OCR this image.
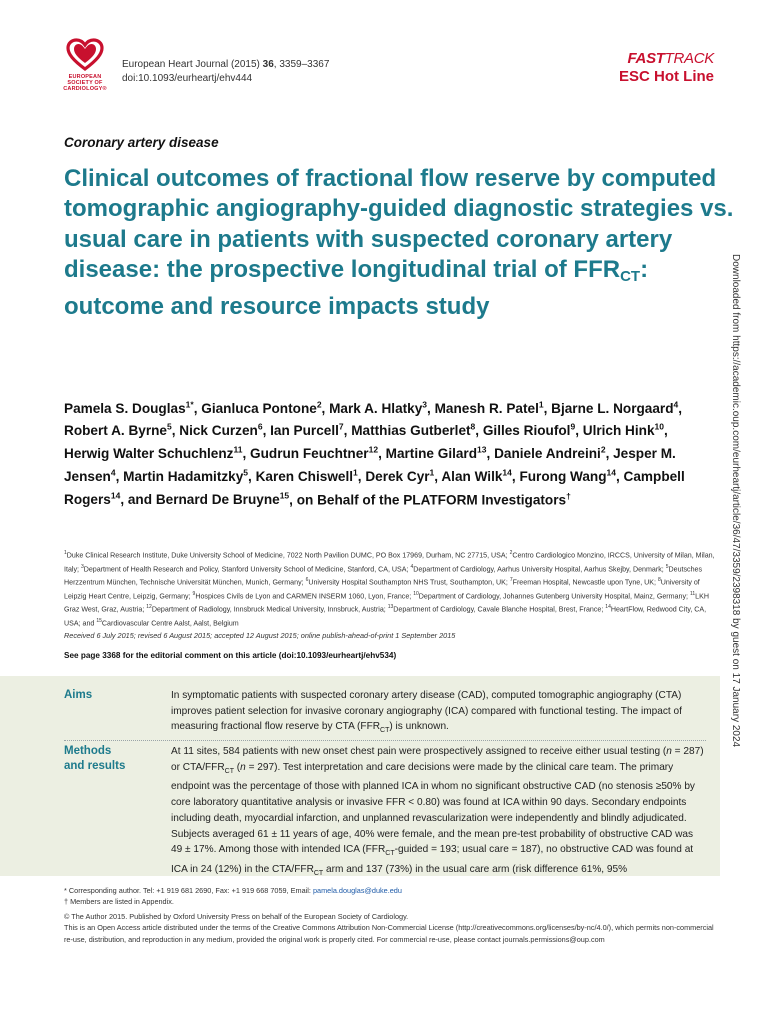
EUROPEAN
SOCIETY OF
CARDIOLOGY®
European Heart Journal (2015) 36, 3359–3367
doi:10.1093/eurheartj/ehv444
FASTTRACK
ESC Hot Line
Coronary artery disease
Clinical outcomes of fractional flow reserve by computed tomographic angiography-guided diagnostic strategies vs. usual care in patients with suspected coronary artery disease: the prospective longitudinal trial of $FFR_{CT}$: outcome and resource impacts study

Pamela S. Douglas$^{1*}$, Gianluca Pontone$^2$, Mark A. Hlatky$^3$, Manesh R. Patel$^1$, Bjarne L. Norgaard$^4$, Robert A. Byrne$^5$, Nick Curzen$^6$, Ian Purcell$^7$, Matthias Gutberlet$^8$, Gilles Rioufol$^9$, Ulrich Hink$^{10}$, Herwig Walter Schuchlenz$^{11}$, Gudrun Feuchtner$^{12}$, Martine Gilard$^{13}$, Daniele Andreini$^2$, Jesper M. Jensen$^4$, Martin Hadamitzky$^5$, Karen Chiswell$^1$, Derek Cyr$^1$, Alan Wilk$^{14}$, Furong Wang$^{14}$, Campbell Rogers$^{14}$, and Bernard De Bruyne$^{15}$, on Behalf of the PLATFORM Investigators†

$^1$Duke Clinical Research Institute, Duke University School of Medicine, 7022 North Pavilion DUMC, PO Box 17969, Durham, NC 27715, USA; $^2$Centro Cardiologico Monzino, IRCCS, University of Milan, Milan, Italy; $^3$Department of Health Research and Policy, Stanford University School of Medicine, Stanford, CA, USA; $^4$Department of Cardiology, Aarhus University Hospital, Aarhus Skejby, Denmark; $^5$Deutsches Herzzentrum München, Technische Universität München, Munich, Germany; $^6$University Hospital Southampton NHS Trust, Southampton, UK; $^7$Freeman Hospital, Newcastle upon Tyne, UK; $^8$University of Leipzig Heart Centre, Leipzig, Germany; $^9$Hospices Civils de Lyon and CARMEN INSERM 1060, Lyon, France; $^{10}$Department of Cardiology, Johannes Gutenberg University Hospital, Mainz, Germany; $^{11}$LKH Graz West, Graz, Austria; $^{12}$Department of Radiology, Innsbruck Medical University, Innsbruck, Austria; $^{13}$Department of Cardiology, Cavale Blanche Hospital, Brest, France; $^{14}$HeartFlow, Redwood City, CA, USA; and $^{15}$Cardiovascular Centre Aalst, Aalst, Belgium
Received 6 July 2015; revised 6 August 2015; accepted 12 August 2015; online publish-ahead-of-print 1 September 2015
See page 3368 for the editorial comment on this article (doi:10.1093/eurheartj/ehv534)
Aims	In symptomatic patients with suspected coronary artery disease (CAD), computed tomographic angiography (CTA) improves patient selection for invasive coronary angiography (ICA) compared with functional testing. The impact of measuring fractional flow reserve by CTA $(FFR_{CT})$ is unknown.
Methods
and results
At 11 sites, 584 patients with new onset chest pain were prospectively assigned to receive either usual testing (n = 287) or CTA/$FFR_{CT}$ (n = 297). Test interpretation and care decisions were made by the clinical care team. The primary endpoint was the percentage of those with planned ICA in whom no significant obstructive CAD (no stenosis ≥50% by core laboratory quantitative analysis or invasive FFR < 0.80) was found at ICA within 90 days. Secondary endpoints including death, myocardial infarction, and unplanned revascularization were independently and blindly adjudicated. Subjects averaged 61 ± 11 years of age, 40% were female, and the mean pre-test probability of obstructive CAD was 49 ± 17%. Among those with intended ICA ($FFR_{CT}$-guided = 193; usual care = 187), no obstructive CAD was found at ICA in 24 (12%) in the CTA/$FFR_{CT}$ arm and 137 (73%) in the usual care arm (risk difference 61%, 95%
* Corresponding author. Tel: +1 919 681 2690, Fax: +1 919 668 7059, Email: pamela.douglas@duke.edu
† Members are listed in Appendix.
© The Author 2015. Published by Oxford University Press on behalf of the European Society of Cardiology.
This is an Open Access article distributed under the terms of the Creative Commons Attribution Non-Commercial License (http://creativecommons.org/licenses/by-nc/4.0/), which permits non-commercial re-use, distribution, and reproduction in any medium, provided the original work is properly cited. For commercial re-use, please contact journals.permissions@oup.com
Downloaded from https://academic.oup.com/eurheartj/article/36/47/3359/2398318 by guest on 17 January 2024
